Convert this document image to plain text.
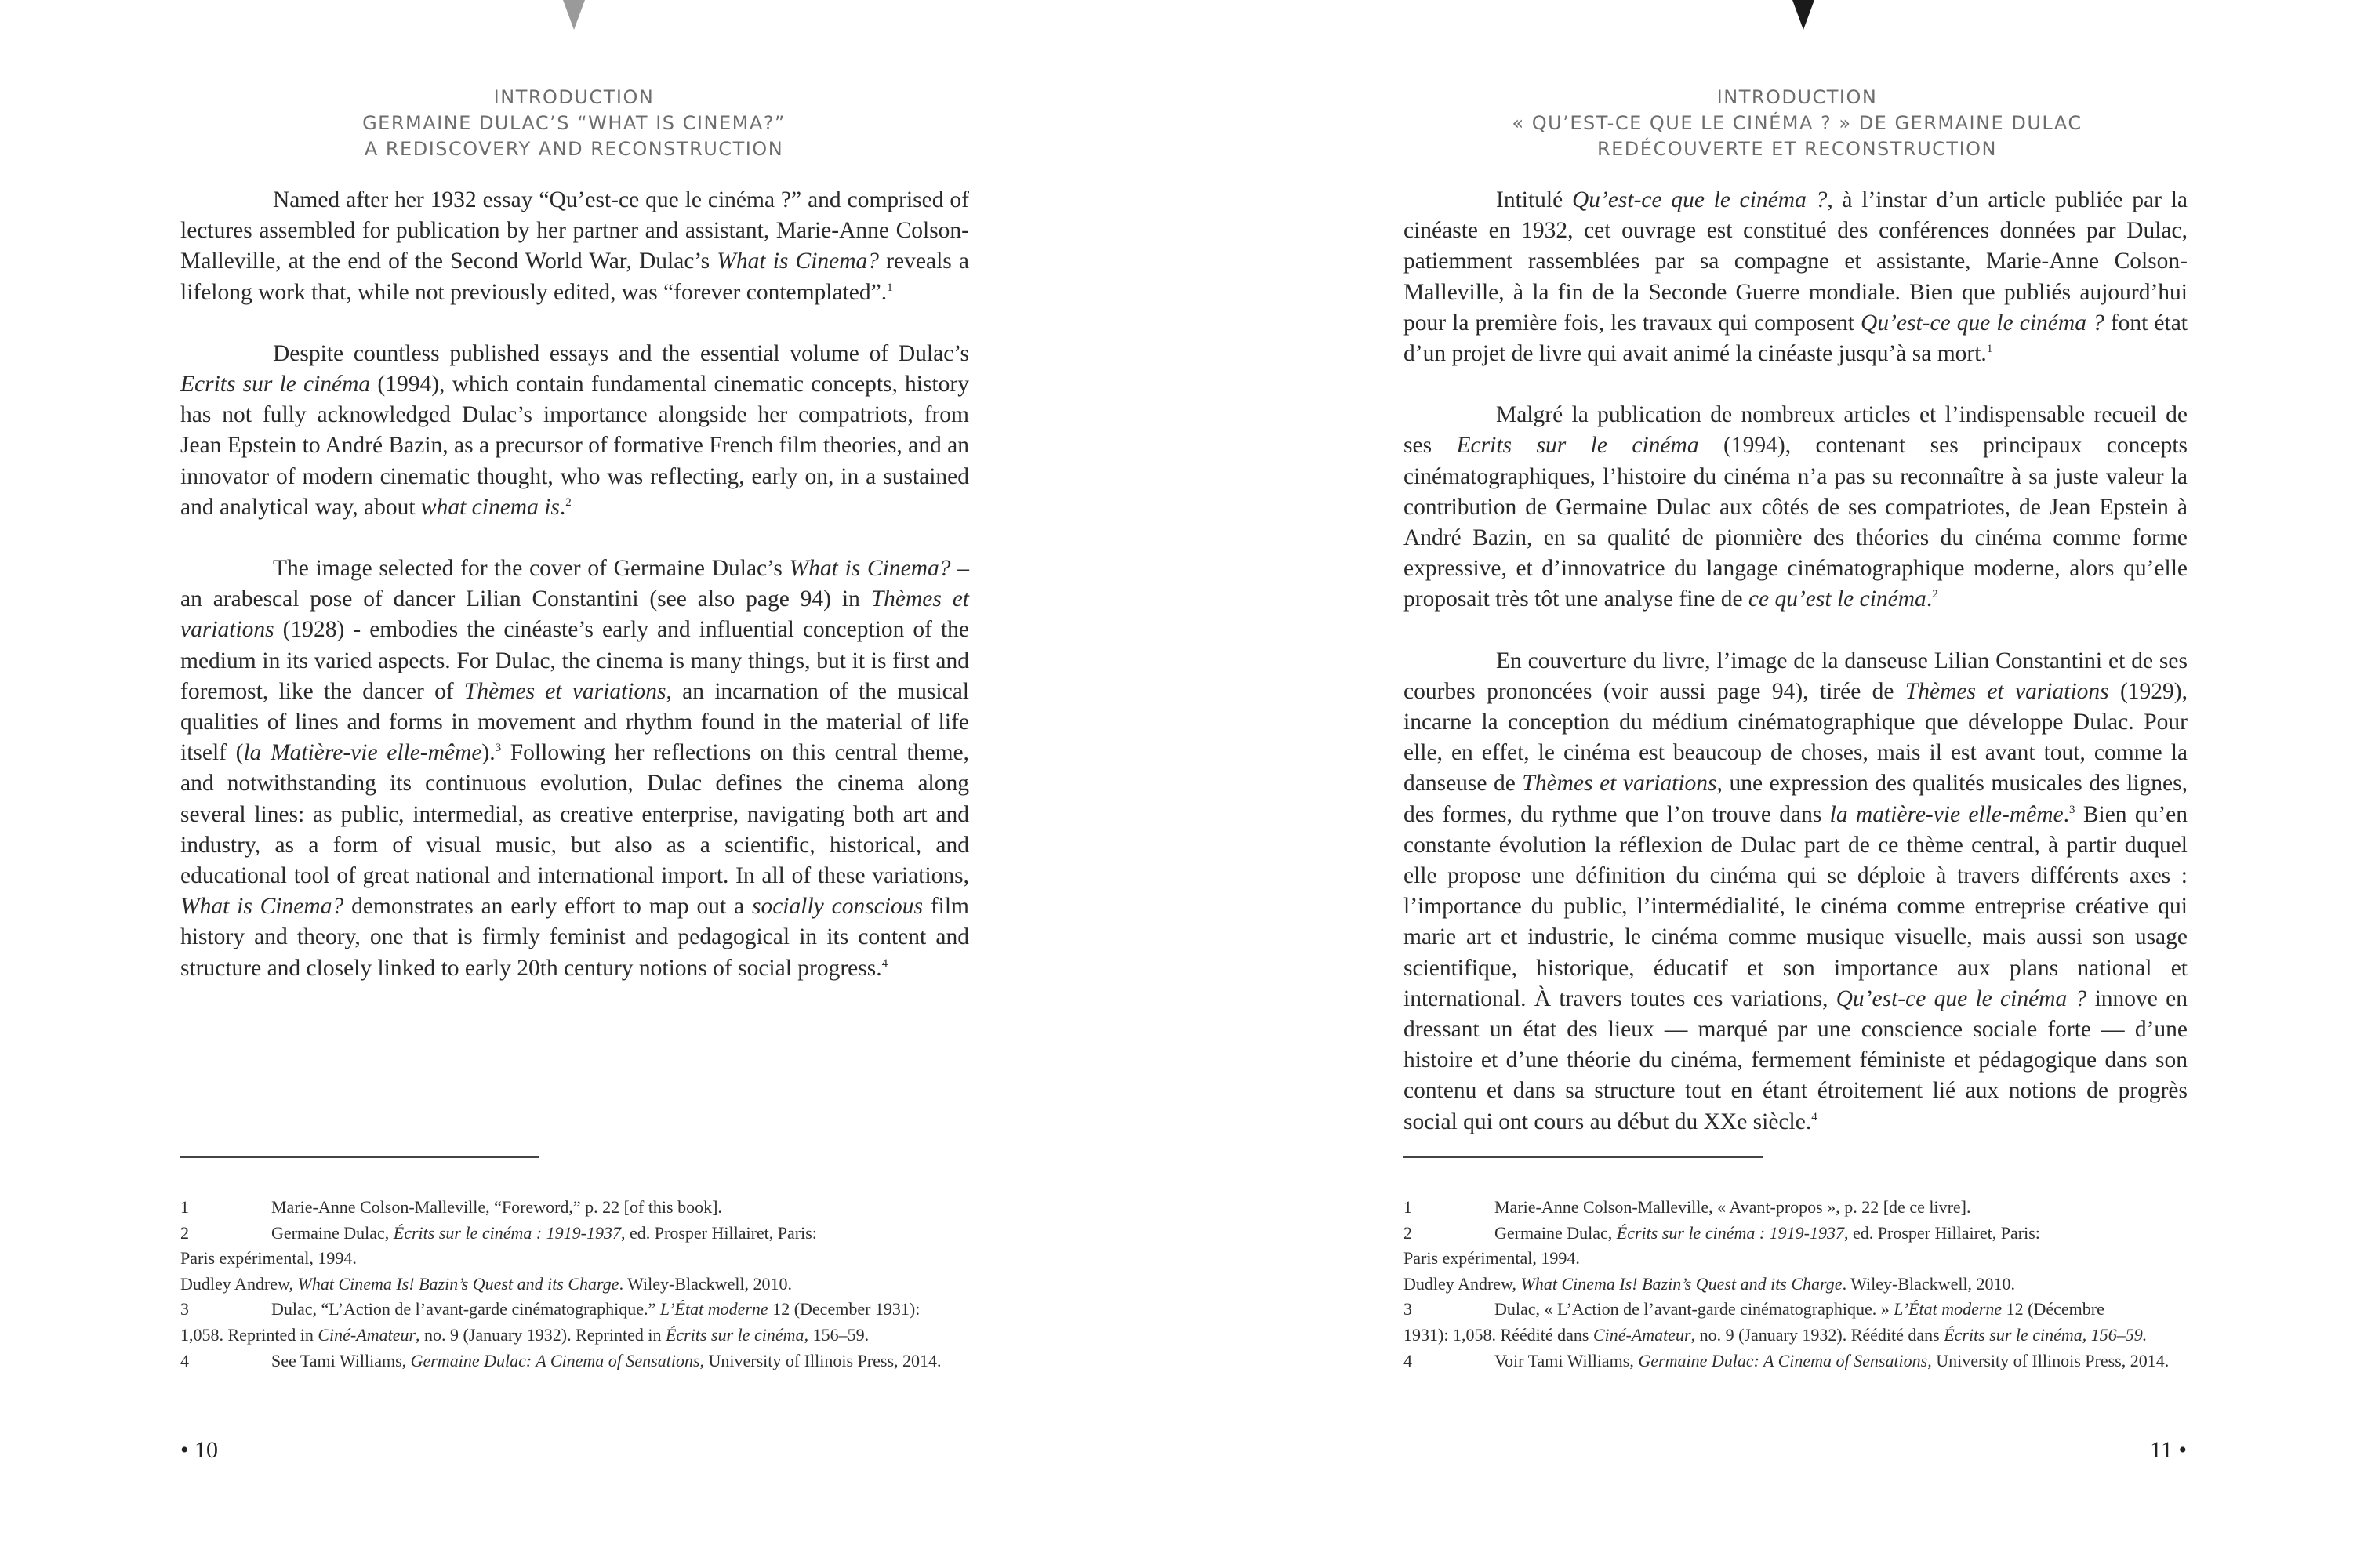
INTRODUCTION
GERMAINE DULAC’S “WHAT IS CINEMA?”
A REDISCOVERY AND RECONSTRUCTION

Named after her 1932 essay “Qu’est-ce que le cinéma ?” and comprised of lectures assembled for publication by her partner and assistant, Marie-Anne Colson-Malleville, at the end of the Second World War, Dulac’s What is Cinema? reveals a lifelong work that, while not previously edited, was “forever contemplated”.$^1$

Despite countless published essays and the essential volume of Dulac’s Ecrits sur le cinéma (1994), which contain fundamental cinematic concepts, history has not fully acknowledged Dulac’s importance alongside her compatriots, from Jean Epstein to André Bazin, as a precursor of formative French film theories, and an innovator of modern cinematic thought, who was reflecting, early on, in a sustained and analytical way, about what cinema is.$^2$

The image selected for the cover of Germaine Dulac’s What is Cinema? – an arabescal pose of dancer Lilian Constantini (see also page 94) in Thèmes et variations (1928) - embodies the cinéaste’s early and influential conception of the medium in its varied aspects. For Dulac, the cinema is many things, but it is first and foremost, like the dancer of Thèmes et variations, an incarnation of the musical qualities of lines and forms in movement and rhythm found in the material of life itself (la Matière-vie elle-même).$^3$ Following her reflections on this central theme, and notwithstanding its continuous evolution, Dulac defines the cinema along several lines: as public, intermedial, as creative enterprise, navigating both art and industry, as a form of visual music, but also as a scientific, historical, and educational tool of great national and international import. In all of these variations, What is Cinema? demonstrates an early effort to map out a socially conscious film history and theory, one that is firmly feminist and pedagogical in its content and structure and closely linked to early 20th century notions of social progress.$^4$

1	Marie-Anne Colson-Malleville, “Foreword,” p. 22 [of this book].
2	Germaine Dulac, Écrits sur le cinéma : 1919-1937, ed. Prosper Hillairet, Paris:
Paris expérimental, 1994.
Dudley Andrew, What Cinema Is! Bazin’s Quest and its Charge. Wiley-Blackwell, 2010.
3	Dulac, “L’Action de l’avant-garde cinématographique.” L’État moderne 12 (December 1931):
1,058. Reprinted in Ciné-Amateur, no. 9 (January 1932). Reprinted in Écrits sur le cinéma, 156–59.
4	See Tami Williams, Germaine Dulac: A Cinema of Sensations, University of Illinois Press, 2014.
• 10
INTRODUCTION
« QU’EST-CE QUE LE CINÉMA ? » DE GERMAINE DULAC
REDÉCOUVERTE ET RECONSTRUCTION

Intitulé Qu’est-ce que le cinéma ?, à l’instar d’un article publiée par la cinéaste en 1932, cet ouvrage est constitué des conférences données par Dulac, patiemment rassemblées par sa compagne et assistante, Marie-Anne Colson-Malleville, à la fin de la Seconde Guerre mondiale. Bien que publiés aujourd’hui pour la première fois, les travaux qui composent Qu’est-ce que le cinéma ? font état d’un projet de livre qui avait animé la cinéaste jusqu’à sa mort.$^1$

Malgré la publication de nombreux articles et l’indispensable recueil de ses Ecrits sur le cinéma (1994), contenant ses principaux concepts cinématographiques, l’histoire du cinéma n’a pas su reconnaître à sa juste valeur la contribution de Germaine Dulac aux côtés de ses compatriotes, de Jean Epstein à André Bazin, en sa qualité de pionnière des théories du cinéma comme forme expressive, et d’innovatrice du langage cinématographique moderne, alors qu’elle proposait très tôt une analyse fine de ce qu’est le cinéma.$^2$

En couverture du livre, l’image de la danseuse Lilian Constantini et de ses courbes prononcées (voir aussi page 94), tirée de Thèmes et variations (1929), incarne la conception du médium cinématographique que développe Dulac. Pour elle, en effet, le cinéma est beaucoup de choses, mais il est avant tout, comme la danseuse de Thèmes et variations, une expression des qualités musicales des lignes, des formes, du rythme que l’on trouve dans la matière-vie elle-même.$^3$ Bien qu’en constante évolution la réflexion de Dulac part de ce thème central, à partir duquel elle propose une définition du cinéma qui se déploie à travers différents axes : l’importance du public, l’intermédialité, le cinéma comme entreprise créative qui marie art et industrie, le cinéma comme musique visuelle, mais aussi son usage scientifique, historique, éducatif et son importance aux plans national et international. À travers toutes ces variations, Qu’est-ce que le cinéma ? innove en dressant un état des lieux — marqué par une conscience sociale forte — d’une histoire et d’une théorie du cinéma, fermement féministe et pédagogique dans son contenu et dans sa structure tout en étant étroitement lié aux notions de progrès social qui ont cours au début du XXe siècle.$^4$

1	Marie-Anne Colson-Malleville, « Avant-propos », p. 22 [de ce livre].
2	Germaine Dulac, Écrits sur le cinéma : 1919-1937, ed. Prosper Hillairet, Paris:
Paris expérimental, 1994.
Dudley Andrew, What Cinema Is! Bazin’s Quest and its Charge. Wiley-Blackwell, 2010.
3	Dulac, « L’Action de l’avant-garde cinématographique. » L’État moderne 12 (Décembre
1931): 1,058. Réédité dans Ciné-Amateur, no. 9 (January 1932). Réédité dans Écrits sur le cinéma, 156–59.
4	Voir Tami Williams, Germaine Dulac: A Cinema of Sensations, University of Illinois Press, 2014.
11 •
